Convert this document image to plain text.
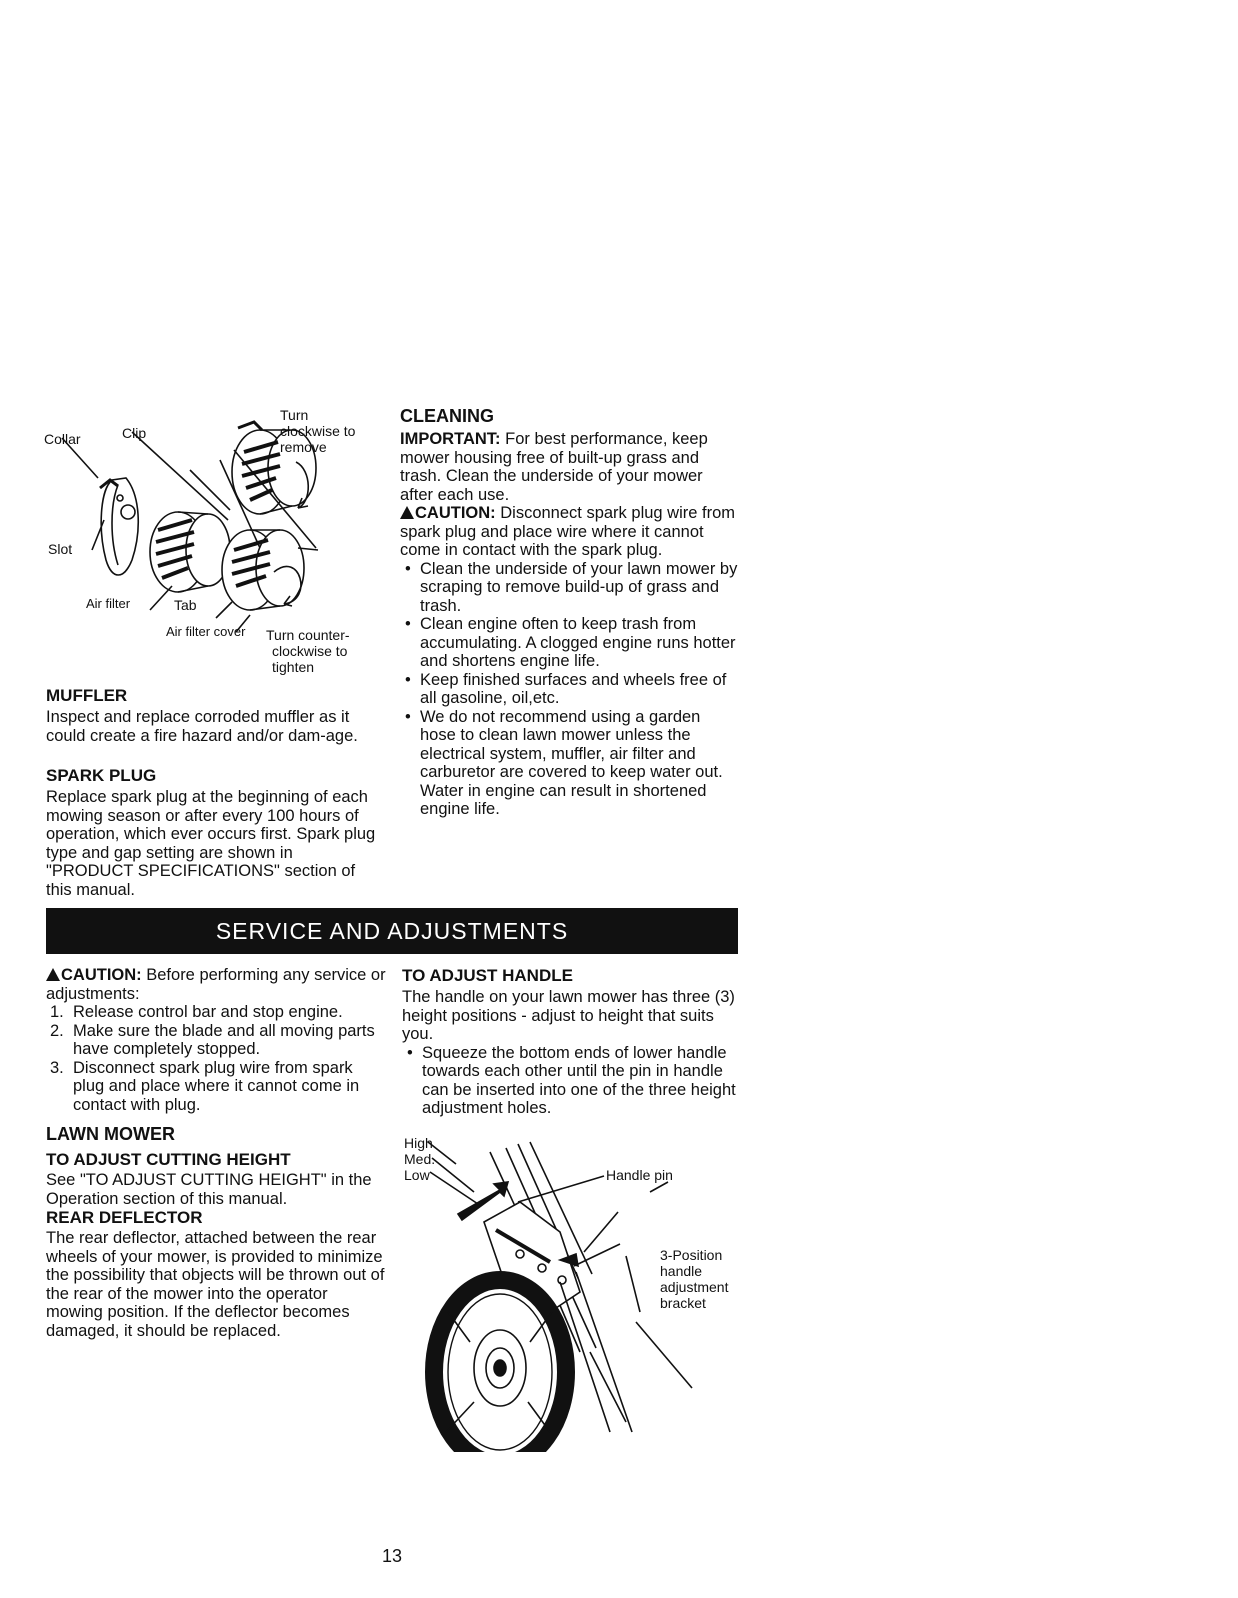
Collar	Clip
Slot
Air filter	Tab
Air filter cover
Turn
clockwise to
remove
Turn counter-
clockwise to
tighten

MUFFLER

Inspect and replace corroded muffler as it could create a fire hazard and/or dam-age.

SPARK PLUG

Replace spark plug at the beginning of each mowing season or after every 100 hours of operation, which ever occurs first. Spark plug type and gap setting are shown in "PRODUCT SPECIFICATIONS" section of this manual.

CLEANING

IMPORTANT: For best performance, keep mower housing free of built-up grass and trash. Clean the underside of your mower after each use.

CAUTION: Disconnect spark plug wire from spark plug and place wire where it cannot come in contact with the spark plug.

• Clean the underside of your lawn mower by scraping to remove build-up of grass and trash.
• Clean engine often to keep trash from accumulating. A clogged engine runs hotter and shortens engine life.
• Keep finished surfaces and wheels free of all gasoline, oil,etc.
• We do not recommend using a garden hose to clean lawn mower unless the electrical system, muffler, air filter and carburetor are covered to keep water out. Water in engine can result in shortened engine life.
SERVICE AND ADJUSTMENTS

CAUTION: Before performing any service or adjustments:

1. Release control bar and stop engine.
2. Make sure the blade and all moving parts have completely stopped.
3. Disconnect spark plug wire from spark plug and place where it cannot come in contact with plug.

LAWN MOWER

TO ADJUST CUTTING HEIGHT

See "TO ADJUST CUTTING HEIGHT" in the Operation section of this manual.

REAR DEFLECTOR

The rear deflector, attached between the rear wheels of your mower, is provided to minimize the possibility that objects will be thrown out of the rear of the mower into the operator mowing position. If the deflector becomes damaged, it should be replaced.

TO ADJUST HANDLE

The handle on your lawn mower has three (3) height positions - adjust to height that suits you.

• Squeeze the bottom ends of lower handle towards each other until the pin in handle can be inserted into one of the three height adjustment holes.
High
Med.
Low	Handle pin
3-Position
handle
adjustment
bracket
13
